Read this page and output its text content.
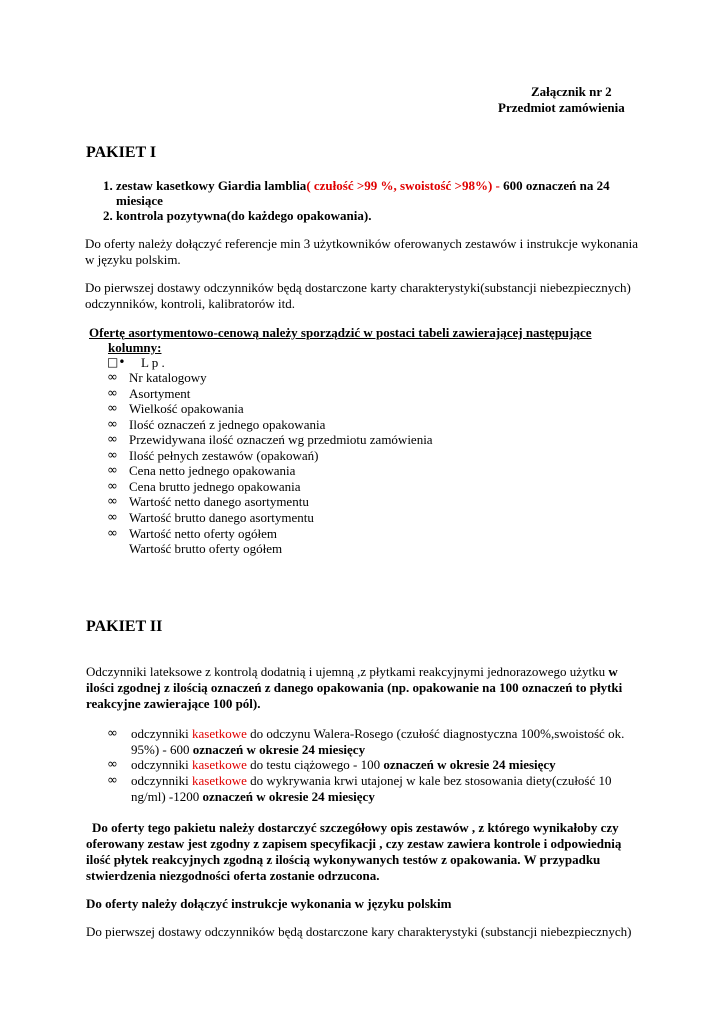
Załącznik nr 2
Przedmiot zamówienia
PAKIET I
1. zestaw kasetkowy Giardia lamblia( czułość >99 %, swoistość >98%) - 600 oznaczeń na 24
miesiące
2. kontrola pozytywna(do każdego opakowania).
Do oferty należy dołączyć referencje min 3 użytkowników oferowanych zestawów i instrukcje wykonania
w języku polskim.
Do pierwszej dostawy odczynników będą dostarczone karty charakterystyki(substancji niebezpiecznych)
odczynników, kontroli, kalibratorów itd.
Ofertę asortymentowo-cenową należy sporządzić w postaci tabeli zawierającej następujące
kolumny:
□• L p .
∞ Nr katalogowy
∞ Asortyment
∞ Wielkość opakowania
∞ Ilość oznaczeń z jednego opakowania
∞ Przewidywana ilość oznaczeń wg przedmiotu zamówienia
∞ Ilość pełnych zestawów (opakowań)
∞ Cena netto jednego opakowania
∞ Cena brutto jednego opakowania
∞ Wartość netto danego asortymentu
∞ Wartość brutto danego asortymentu
∞ Wartość netto oferty ogółem
Wartość brutto oferty ogółem
PAKIET II
Odczynniki lateksowe z kontrolą dodatnią i ujemną ,z płytkami reakcyjnymi jednorazowego użytku w
ilości zgodnej z ilością oznaczeń z danego opakowania (np. opakowanie na 100 oznaczeń to płytki
reakcyjne zawierające 100 pól).
∞	odczynniki kasetkowe do odczynu Walera-Rosego (czułość diagnostyczna 100%,swoistość ok.
95%) - 600 oznaczeń w okresie 24 miesięcy
∞	odczynniki kasetkowe do testu ciążowego - 100 oznaczeń w okresie 24 miesięcy
∞	odczynniki kasetkowe do wykrywania krwi utajonej w kale bez stosowania diety(czułość 10
ng/ml) -1200 oznaczeń w okresie 24 miesięcy
Do oferty tego pakietu należy dostarczyć szczegółowy opis zestawów , z którego wynikałoby czy
oferowany zestaw jest zgodny z zapisem specyfikacji , czy zestaw zawiera kontrole i odpowiednią
ilość płytek reakcyjnych zgodną z ilością wykonywanych testów z opakowania. W przypadku
stwierdzenia niezgodności oferta zostanie odrzucona.
Do oferty należy dołączyć instrukcje wykonania w języku polskim
Do pierwszej dostawy odczynników będą dostarczone kary charakterystyki (substancji niebezpiecznych)
